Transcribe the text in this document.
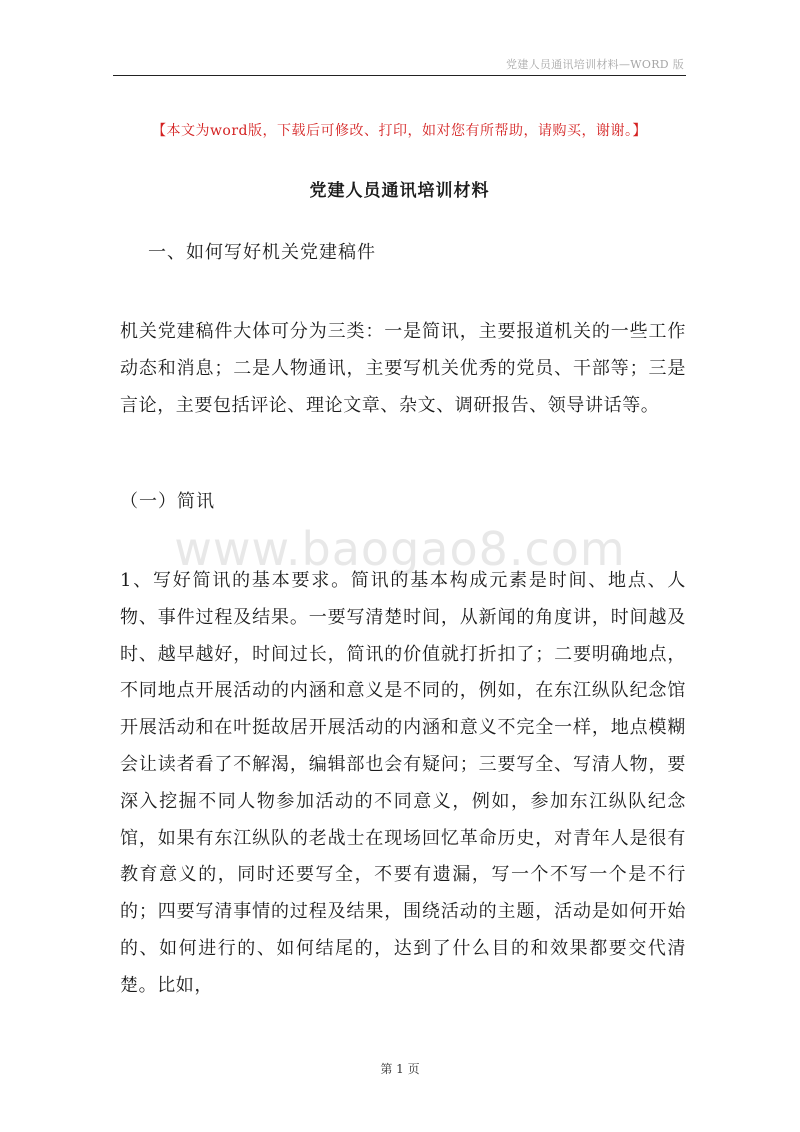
党建人员通讯培训材料—WORD 版
【本文为word版，下载后可修改、打印，如对您有所帮助，请购买，谢谢。】
党建人员通讯培训材料
一、如何写好机关党建稿件
机关党建稿件大体可分为三类：一是简讯，主要报道机关的一些工作动态和消息；二是人物通讯，主要写机关优秀的党员、干部等；三是言论，主要包括评论、理论文章、杂文、调研报告、领导讲话等。
（一）简讯
www.baogao8.com
1、写好简讯的基本要求。简讯的基本构成元素是时间、地点、人物、事件过程及结果。一要写清楚时间，从新闻的角度讲，时间越及时、越早越好，时间过长，简讯的价值就打折扣了；二要明确地点，不同地点开展活动的内涵和意义是不同的，例如，在东江纵队纪念馆开展活动和在叶挺故居开展活动的内涵和意义不完全一样，地点模糊会让读者看了不解渴，编辑部也会有疑问；三要写全、写清人物，要深入挖掘不同人物参加活动的不同意义，例如，参加东江纵队纪念馆，如果有东江纵队的老战士在现场回忆革命历史，对青年人是很有教育意义的，同时还要写全，不要有遗漏，写一个不写一个是不行的；四要写清事情的过程及结果，围绕活动的主题，活动是如何开始的、如何进行的、如何结尾的，达到了什么目的和效果都要交代清楚。比如，
第 1 页
